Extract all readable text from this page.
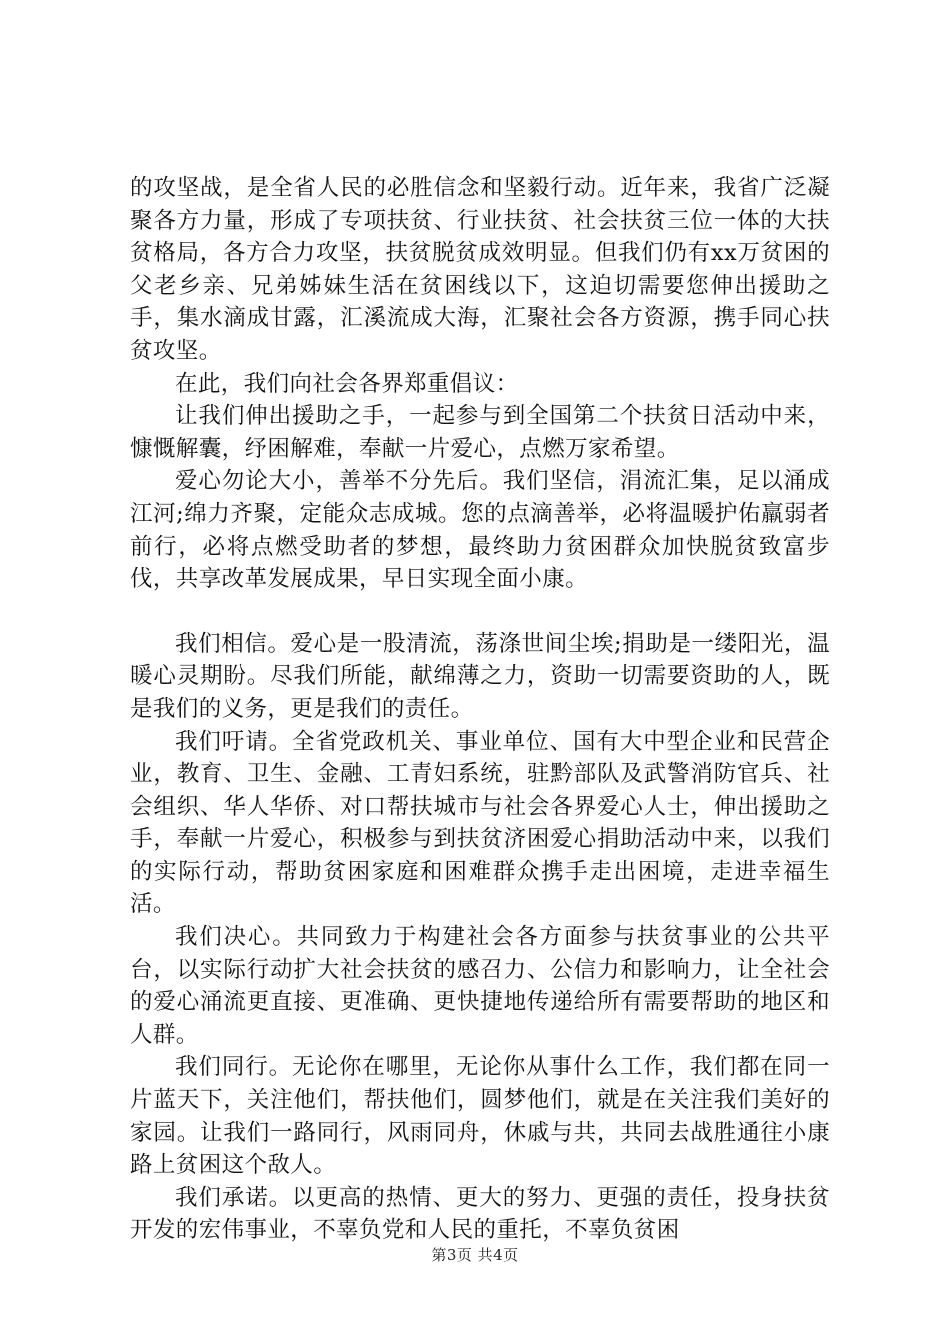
的攻坚战，是全省人民的必胜信念和坚毅行动。近年来，我省广泛凝聚各方力量，形成了专项扶贫、行业扶贫、社会扶贫三位一体的大扶贫格局，各方合力攻坚，扶贫脱贫成效明显。但我们仍有xx万贫困的父老乡亲、兄弟姊妹生活在贫困线以下，这迫切需要您伸出援助之手，集水滴成甘露，汇溪流成大海，汇聚社会各方资源，携手同心扶贫攻坚。

在此，我们向社会各界郑重倡议：

让我们伸出援助之手，一起参与到全国第二个扶贫日活动中来，慷慨解囊，纾困解难，奉献一片爱心，点燃万家希望。

爱心勿论大小，善举不分先后。我们坚信，涓流汇集，足以涌成江河;绵力齐聚，定能众志成城。您的点滴善举，必将温暖护佑羸弱者前行，必将点燃受助者的梦想，最终助力贫困群众加快脱贫致富步伐，共享改革发展成果，早日实现全面小康。

我们相信。爱心是一股清流，荡涤世间尘埃;捐助是一缕阳光，温暖心灵期盼。尽我们所能，献绵薄之力，资助一切需要资助的人，既是我们的义务，更是我们的责任。

我们吁请。全省党政机关、事业单位、国有大中型企业和民营企业，教育、卫生、金融、工青妇系统，驻黔部队及武警消防官兵、社会组织、华人华侨、对口帮扶城市与社会各界爱心人士，伸出援助之手，奉献一片爱心，积极参与到扶贫济困爱心捐助活动中来，以我们的实际行动，帮助贫困家庭和困难群众携手走出困境，走进幸福生活。

我们决心。共同致力于构建社会各方面参与扶贫事业的公共平台，以实际行动扩大社会扶贫的感召力、公信力和影响力，让全社会的爱心涌流更直接、更准确、更快捷地传递给所有需要帮助的地区和人群。

我们同行。无论你在哪里，无论你从事什么工作，我们都在同一片蓝天下，关注他们，帮扶他们，圆梦他们，就是在关注我们美好的家园。让我们一路同行，风雨同舟，休戚与共，共同去战胜通往小康路上贫困这个敌人。

我们承诺。以更高的热情、更大的努力、更强的责任，投身扶贫开发的宏伟事业，不辜负党和人民的重托，不辜负贫困

第3页 共4页
